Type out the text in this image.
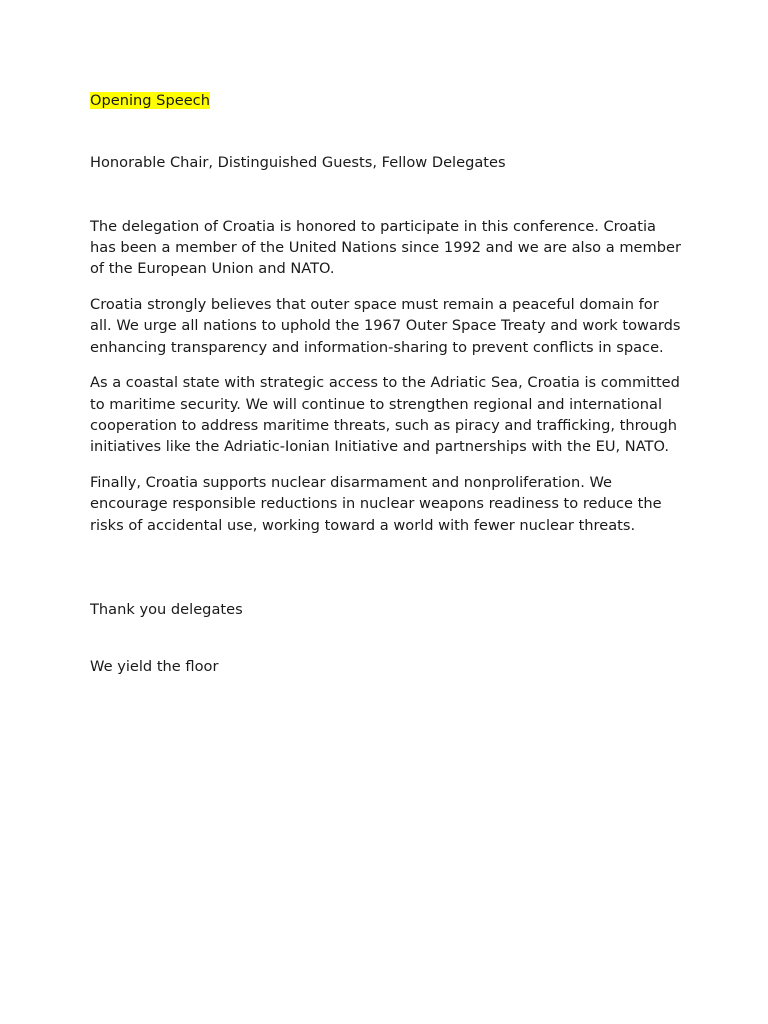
Opening Speech

Honorable Chair, Distinguished Guests, Fellow Delegates

The delegation of Croatia is honored to participate in this conference. Croatia has been a member of the United Nations since 1992 and we are also a member of the European Union and NATO.

Croatia strongly believes that outer space must remain a peaceful domain for all. We urge all nations to uphold the 1967 Outer Space Treaty and work towards enhancing transparency and information-sharing to prevent conflicts in space.

As a coastal state with strategic access to the Adriatic Sea, Croatia is committed to maritime security. We will continue to strengthen regional and international cooperation to address maritime threats, such as piracy and trafficking, through initiatives like the Adriatic-Ionian Initiative and partnerships with the EU, NATO.

Finally, Croatia supports nuclear disarmament and nonproliferation. We encourage responsible reductions in nuclear weapons readiness to reduce the risks of accidental use, working toward a world with fewer nuclear threats.

Thank you delegates

We yield the floor
